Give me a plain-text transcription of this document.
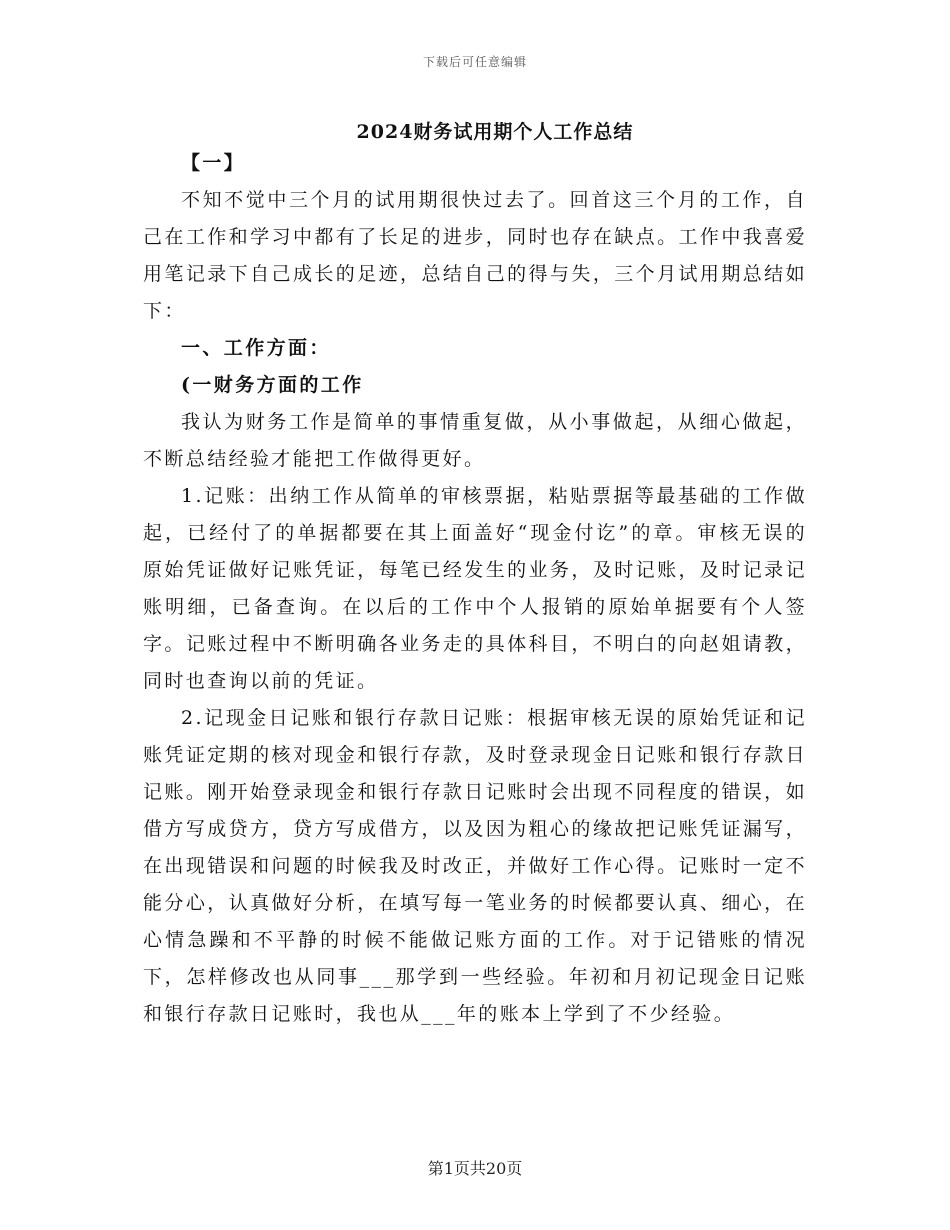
下载后可任意编辑
2024财务试用期个人工作总结

【一】

不知不觉中三个月的试用期很快过去了。回首这三个月的工作，自己在工作和学习中都有了长足的进步，同时也存在缺点。工作中我喜爱用笔记录下自己成长的足迹，总结自己的得与失，三个月试用期总结如下：

一、工作方面：

(一财务方面的工作

我认为财务工作是简单的事情重复做，从小事做起，从细心做起，不断总结经验才能把工作做得更好。

1.记账：出纳工作从简单的审核票据，粘贴票据等最基础的工作做起，已经付了的单据都要在其上面盖好“现金付讫”的章。审核无误的原始凭证做好记账凭证，每笔已经发生的业务，及时记账，及时记录记账明细，已备查询。在以后的工作中个人报销的原始单据要有个人签字。记账过程中不断明确各业务走的具体科目，不明白的向赵姐请教，同时也查询以前的凭证。

2.记现金日记账和银行存款日记账：根据审核无误的原始凭证和记账凭证定期的核对现金和银行存款，及时登录现金日记账和银行存款日记账。刚开始登录现金和银行存款日记账时会出现不同程度的错误，如借方写成贷方，贷方写成借方，以及因为粗心的缘故把记账凭证漏写，在出现错误和问题的时候我及时改正，并做好工作心得。记账时一定不能分心，认真做好分析，在填写每一笔业务的时候都要认真、细心，在心情急躁和不平静的时候不能做记账方面的工作。对于记错账的情况下，怎样修改也从同事___那学到一些经验。年初和月初记现金日记账和银行存款日记账时，我也从___年的账本上学到了不少经验。

第1页共20页
